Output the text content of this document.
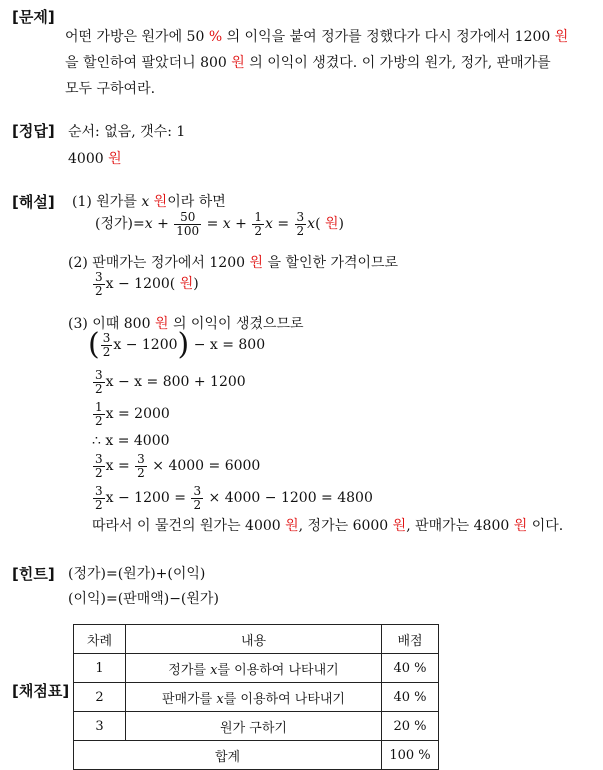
[문제]
어떤 가방은 원가에 50 % 의 이익을 붙여 정가를 정했다가 다시 정가에서 1200 원
을 할인하여 팔았더니 800 원 의 이익이 생겼다. 이 가방의 원가, 정가, 판매가를
모두 구하여라.
[정답] 순서: 없음, 갯수: 1
4000 원
[해설] (1) 원가를 x 원이라 하면
(정가)$=x + \frac{50}{100} = x + \frac{1}{2}$ $x = \frac{3}{2} x$( 원)
(2) 판매가는 정가에서 1200 원 을 할인한 가격이므로
$\frac{3}{2}$ x − 1200( 원)
(3) 이때 800 원 의 이익이 생겼으므로
( $\frac{3}{2}$ x − 1200) − x = 800
$\frac{3}{2}$ x − x = 800 + 1200
$\frac{1}{2}$ x = 2000
∴ x = 4000
$\frac{3}{2}$ $x = \frac{3}{2} \times 4000 = 6000$
$\frac{3}{2}$ $x - 1200 = \frac{3}{2} \times 4000 - 1200 = 4800$
따라서 이 물건의 원가는 4000 원, 정가는 6000 원, 판매가는 4800 원 이다.
[힌트] (정가)=(원가)+(이익)
(이익)=(판매액)−(원가)
[채점표]
차례	내용	배점
1	정가를 x를 이용하여 나타내기	40 %
2	판매가를 x를 이용하여 나타내기	40 %
3	원가 구하기	20 %
합계		100 %
